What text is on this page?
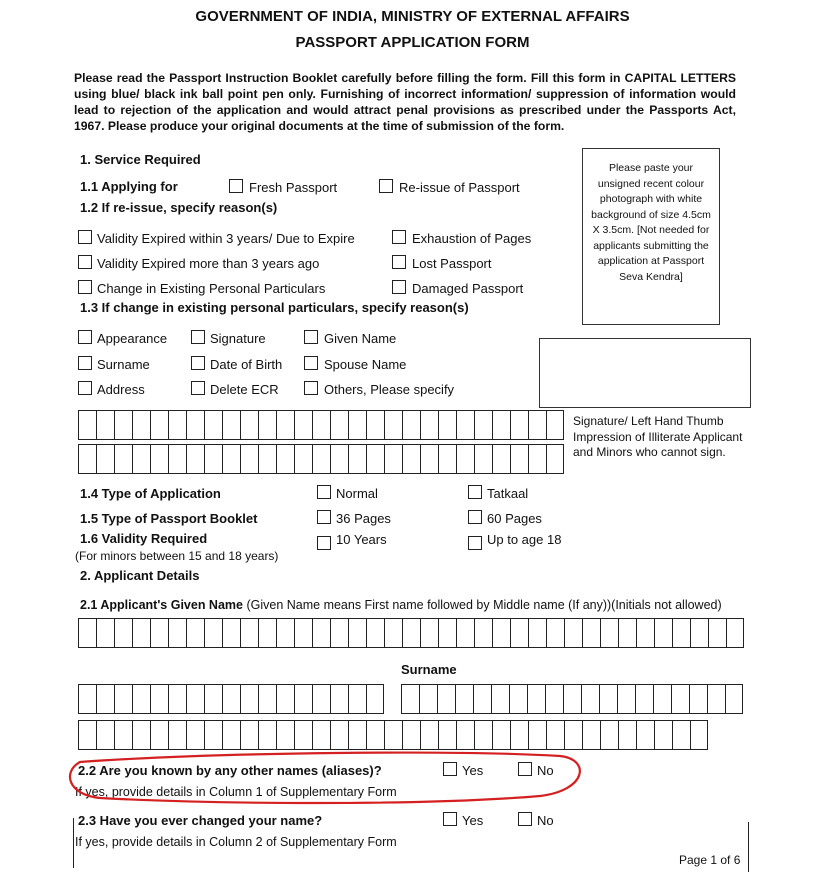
GOVERNMENT OF INDIA, MINISTRY OF EXTERNAL AFFAIRS
PASSPORT APPLICATION FORM
Please read the Passport Instruction Booklet carefully before filling the form. Fill this form in CAPITAL LETTERS using blue/ black ink ball point pen only. Furnishing of incorrect information/ suppression of information would lead to rejection of the application and would attract penal provisions as prescribed under the Passports Act, 1967. Please produce your original documents at the time of submission of the form.
Please paste your unsigned recent colour photograph with white background of size 4.5cm X 3.5cm. [Not needed for applicants submitting the application at Passport Seva Kendra]
Signature/ Left Hand Thumb Impression of Illiterate Applicant and Minors who cannot sign.
1. Service Required
1.1 Applying for	Fresh Passport	Re-issue of Passport
1.2 If re-issue, specify reason(s)
Validity Expired within 3 years/ Due to Expire	Exhaustion of Pages
Validity Expired more than 3 years ago	Lost Passport
Change in Existing Personal Particulars	Damaged Passport
1.3 If change in existing personal particulars, specify reason(s)
Appearance	Signature	Given Name
Surname	Date of Birth	Spouse Name
Address	Delete ECR	Others, Please specify
1.4 Type of Application	Normal	Tatkaal
1.5 Type of Passport Booklet	36 Pages	60 Pages
1.6 Validity Required
(For minors between 15 and 18 years)
10 Years	Up to age 18
2. Applicant Details
2.1 Applicant's Given Name (Given Name means First name followed by Middle name (If any))(Initials not allowed)
Surname
2.2 Are you known by any other names (aliases)?	Yes	No
If yes, provide details in Column 1 of Supplementary Form
2.3 Have you ever changed your name?	Yes	No
If yes, provide details in Column 2 of Supplementary Form
Page 1 of 6
